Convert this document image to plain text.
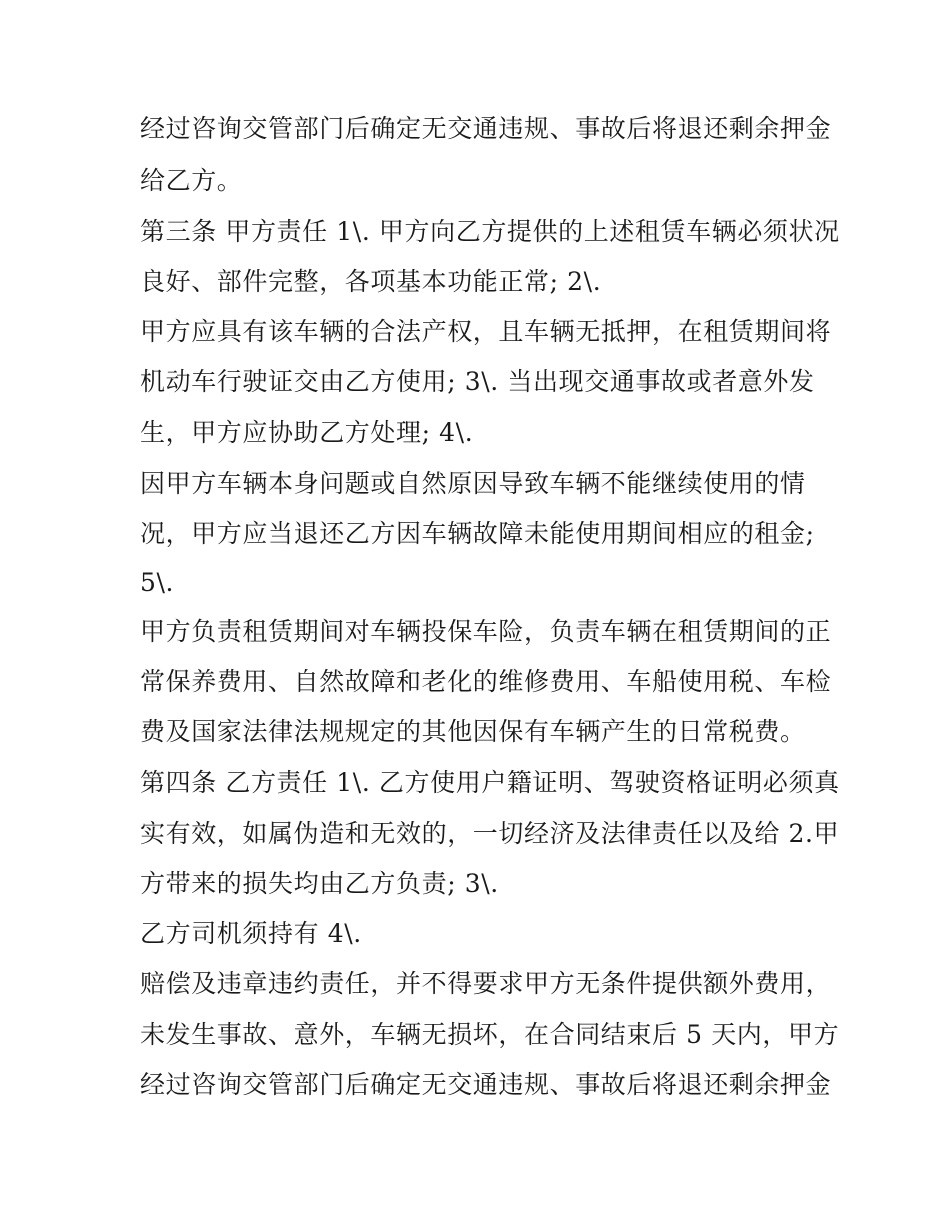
经过咨询交管部门后确定无交通违规、事故后将退还剩余押金
给乙方。
第三条 甲方责任 1\. 甲方向乙方提供的上述租赁车辆必须状况
良好、部件完整，各项基本功能正常; 2\.
甲方应具有该车辆的合法产权，且车辆无抵押，在租赁期间将
机动车行驶证交由乙方使用; 3\. 当出现交通事故或者意外发
生，甲方应协助乙方处理; 4\.
因甲方车辆本身问题或自然原因导致车辆不能继续使用的情
况，甲方应当退还乙方因车辆故障未能使用期间相应的租金;
5\.
甲方负责租赁期间对车辆投保车险，负责车辆在租赁期间的正
常保养费用、自然故障和老化的维修费用、车船使用税、车检
费及国家法律法规规定的其他因保有车辆产生的日常税费。
第四条 乙方责任 1\. 乙方使用户籍证明、驾驶资格证明必须真
实有效，如属伪造和无效的，一切经济及法律责任以及给 2.甲
方带来的损失均由乙方负责; 3\.
乙方司机须持有 4\.
赔偿及违章违约责任，并不得要求甲方无条件提供额外费用，
未发生事故、意外，车辆无损坏，在合同结束后 5 天内，甲方
经过咨询交管部门后确定无交通违规、事故后将退还剩余押金
